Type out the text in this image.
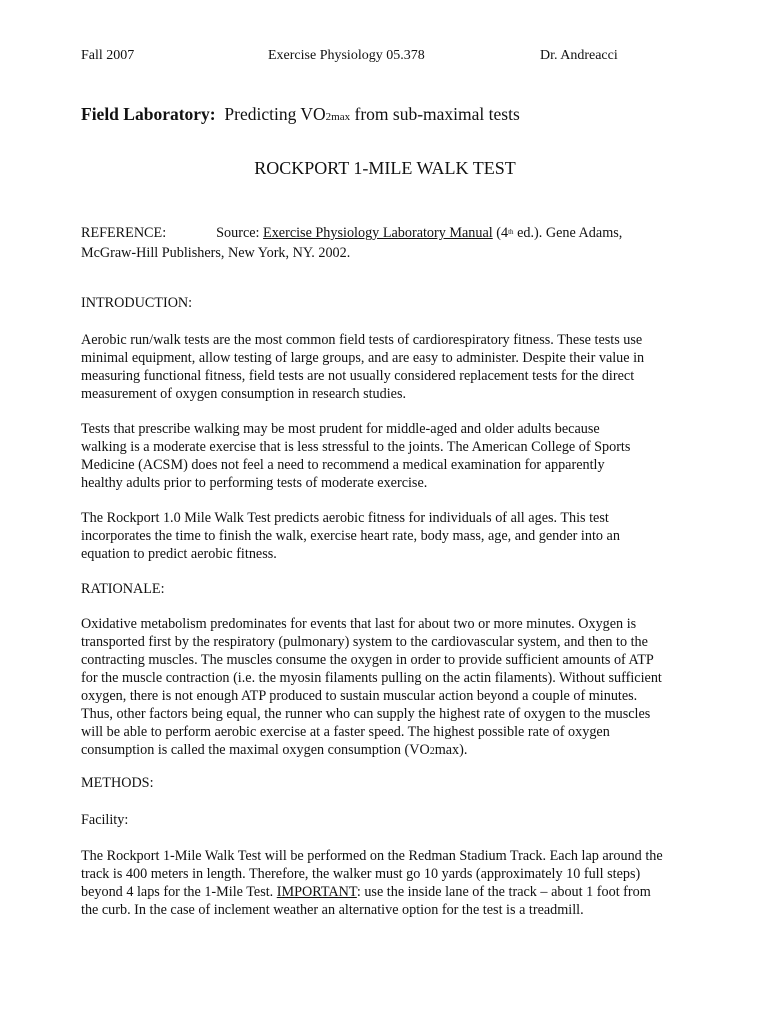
Fall 2007	Exercise Physiology 05.378	Dr. Andreacci
Field Laboratory: Predicting VO2max from sub-maximal tests
ROCKPORT 1-MILE WALK TEST
REFERENCE:	Source: Exercise Physiology Laboratory Manual (4th ed.). Gene Adams,
McGraw-Hill Publishers, New York, NY. 2002.
INTRODUCTION:
Aerobic run/walk tests are the most common field tests of cardiorespiratory fitness. These tests use
minimal equipment, allow testing of large groups, and are easy to administer. Despite their value in
measuring functional fitness, field tests are not usually considered replacement tests for the direct
measurement of oxygen consumption in research studies.
Tests that prescribe walking may be most prudent for middle-aged and older adults because
walking is a moderate exercise that is less stressful to the joints. The American College of Sports
Medicine (ACSM) does not feel a need to recommend a medical examination for apparently
healthy adults prior to performing tests of moderate exercise.
The Rockport 1.0 Mile Walk Test predicts aerobic fitness for individuals of all ages. This test
incorporates the time to finish the walk, exercise heart rate, body mass, age, and gender into an
equation to predict aerobic fitness.
RATIONALE:
Oxidative metabolism predominates for events that last for about two or more minutes. Oxygen is
transported first by the respiratory (pulmonary) system to the cardiovascular system, and then to the
contracting muscles. The muscles consume the oxygen in order to provide sufficient amounts of ATP
for the muscle contraction (i.e. the myosin filaments pulling on the actin filaments). Without sufficient
oxygen, there is not enough ATP produced to sustain muscular action beyond a couple of minutes.
Thus, other factors being equal, the runner who can supply the highest rate of oxygen to the muscles
will be able to perform aerobic exercise at a faster speed. The highest possible rate of oxygen
consumption is called the maximal oxygen consumption (VO2max).
METHODS:
Facility:
The Rockport 1-Mile Walk Test will be performed on the Redman Stadium Track. Each lap around the
track is 400 meters in length. Therefore, the walker must go 10 yards (approximately 10 full steps)
beyond 4 laps for the 1-Mile Test. IMPORTANT: use the inside lane of the track – about 1 foot from
the curb. In the case of inclement weather an alternative option for the test is a treadmill.
